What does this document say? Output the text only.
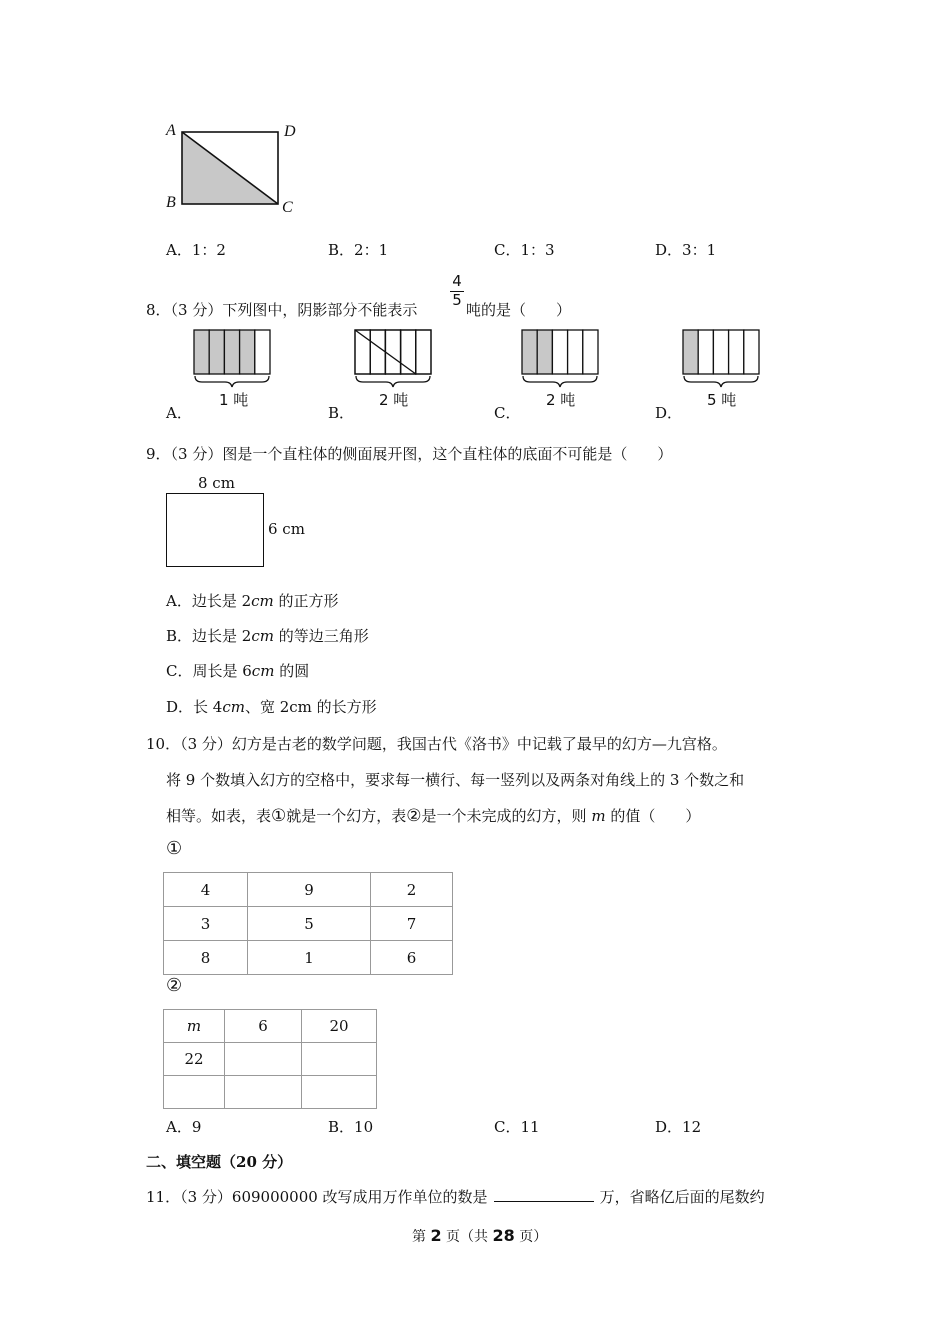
A	D
B	C
A．1：2	B．2：1	C．1：3	D．3：1
8．（3 分）下列图中，阴影部分不能表示
4
5
吨的是（　　）
A．
1 吨
B．
2 吨
C．
2 吨
D．
5 吨
9．（3 分）图是一个直柱体的侧面展开图，这个直柱体的底面不可能是（　　）
8 cm
6 cm
A．边长是 2cm 的正方形
B．边长是 2cm 的等边三角形
C．周长是 6cm 的圆
D．长 4cm、宽 2cm 的长方形
10．（3 分）幻方是古老的数学问题，我国古代《洛书》中记载了最早的幻方—九宫格。
将 9 个数填入幻方的空格中，要求每一横行、每一竖列以及两条对角线上的 3 个数之和
相等。如表，表①就是一个幻方，表②是一个未完成的幻方，则 m 的值（　　）
①
4	9	2
3	5	7
8	1	6
②
m	6	20
22		

A．9	B．10	C．11	D．12
二、填空题（20 分）
11．（3 分）609000000 改写成用万作单位的数是	万，省略亿后面的尾数约
第 2 页（共 28 页）
